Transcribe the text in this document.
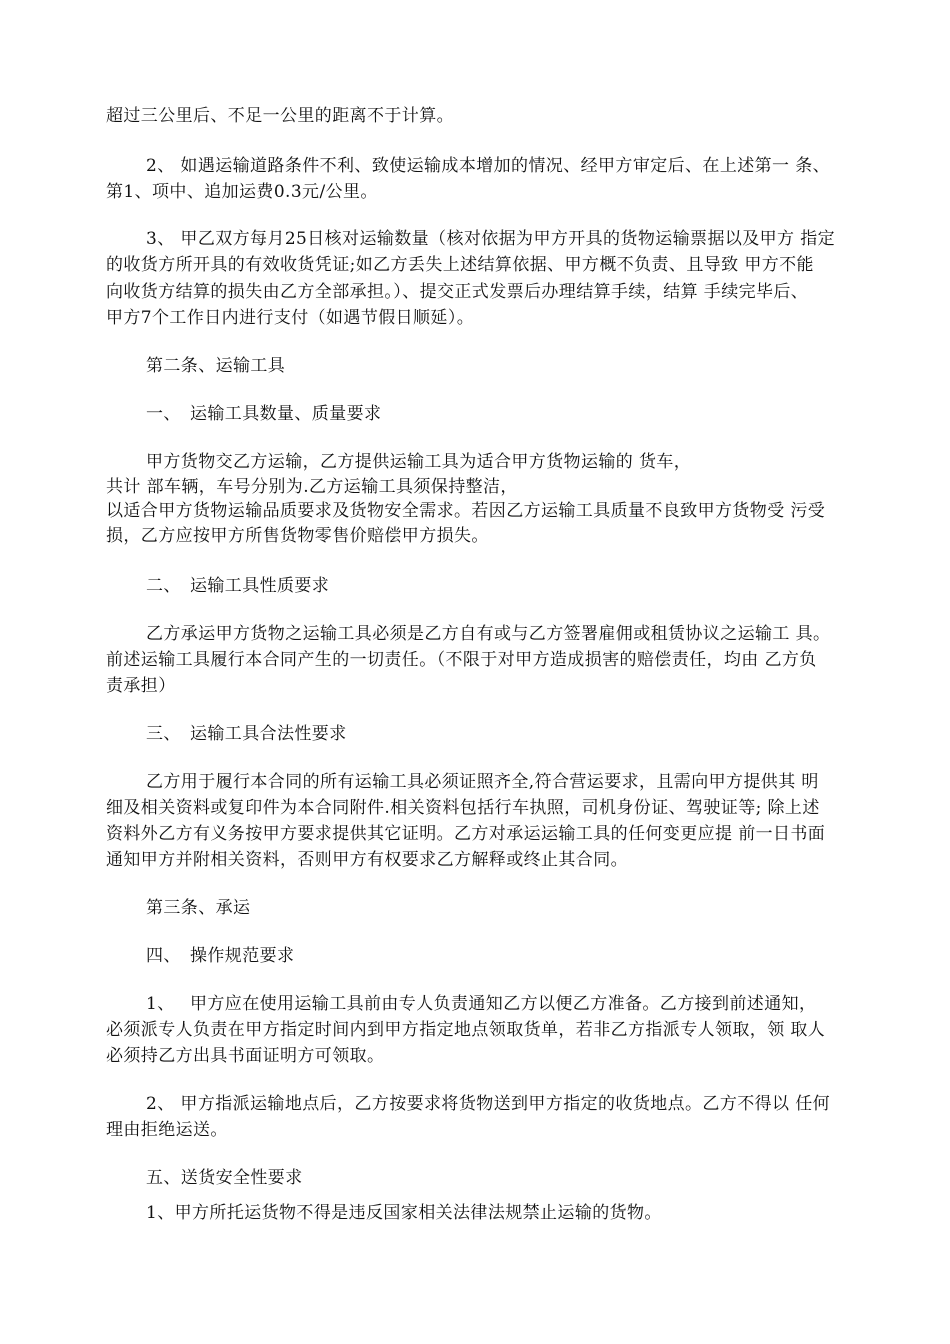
超过三公里后、不足一公里的距离不于计算。
2、 如遇运输道路条件不利、致使运输成本增加的情况、经甲方审定后、在上述第一 条、
第1、项中、追加运费0.3元/公里。
3、 甲乙双方每月25日核对运输数量（核对依据为甲方开具的货物运输票据以及甲方 指定
的收货方所开具的有效收货凭证;如乙方丢失上述结算依据、甲方概不负责、且导致 甲方不能
向收货方结算的损失由乙方全部承担。）、提交正式发票后办理结算手续，结算 手续完毕后、
甲方7个工作日内进行支付（如遇节假日顺延）。
第二条、运输工具
一、 运输工具数量、质量要求
甲方货物交乙方运输，乙方提供运输工具为适合甲方货物运输的 货车，
共计 部车辆，车号分别为.乙方运输工具须保持整洁，
以适合甲方货物运输品质要求及货物安全需求。若因乙方运输工具质量不良致甲方货物受 污受
损，乙方应按甲方所售货物零售价赔偿甲方损失。
二、 运输工具性质要求
乙方承运甲方货物之运输工具必须是乙方自有或与乙方签署雇佣或租赁协议之运输工 具。
前述运输工具履行本合同产生的一切责任。（不限于对甲方造成损害的赔偿责任，均由 乙方负
责承担）
三、 运输工具合法性要求
乙方用于履行本合同的所有运输工具必须证照齐全,符合营运要求，且需向甲方提供其 明
细及相关资料或复印件为本合同附件.相关资料包括行车执照，司机身份证、驾驶证等; 除上述
资料外乙方有义务按甲方要求提供其它证明。乙方对承运运输工具的任何变更应提 前一日书面
通知甲方并附相关资料，否则甲方有权要求乙方解释或终止其合同。
第三条、承运
四、 操作规范要求
1、 甲方应在使用运输工具前由专人负责通知乙方以便乙方准备。乙方接到前述通知，
必须派专人负责在甲方指定时间内到甲方指定地点领取货单，若非乙方指派专人领取，领 取人
必须持乙方出具书面证明方可领取。
2、 甲方指派运输地点后，乙方按要求将货物送到甲方指定的收货地点。乙方不得以 任何
理由拒绝运送。
五、送货安全性要求
1、甲方所托运货物不得是违反国家相关法律法规禁止运输的货物。
